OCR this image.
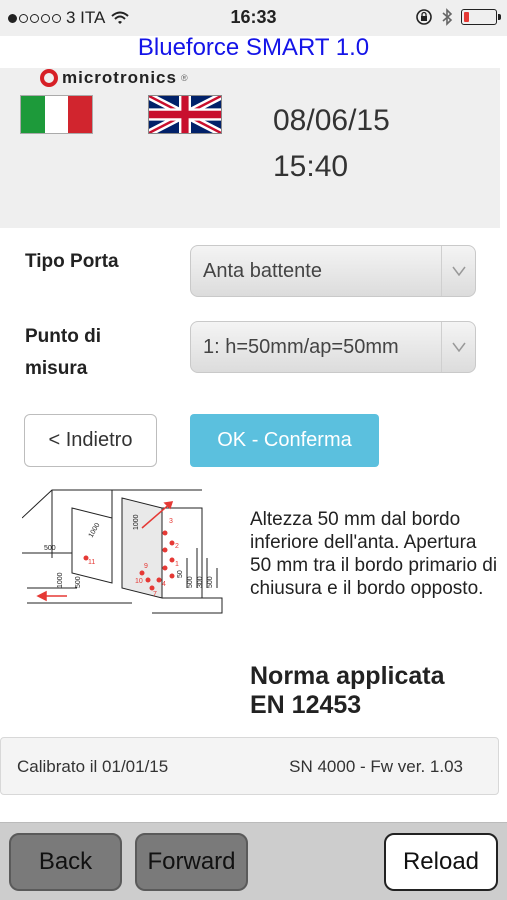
3 ITA	16:33
Blueforce SMART 1.0
microtronics ®
08/06/15
15:40
Tipo Porta	Anta battente
Punto di
misura
1: h=50mm/ap=50mm
< Indietro	OK - Conferma
500
1000
1000 500
1000
500 300 500
50
3
2
1
4
7
9
10
11
Altezza 50 mm dal bordo inferiore dell'anta. Apertura 50 mm tra il bordo primario di chiusura e il bordo opposto.
Norma applicata
EN 12453
Calibrato il 01/01/15	SN 4000 - Fw ver. 1.03
Back	Forward	Reload
